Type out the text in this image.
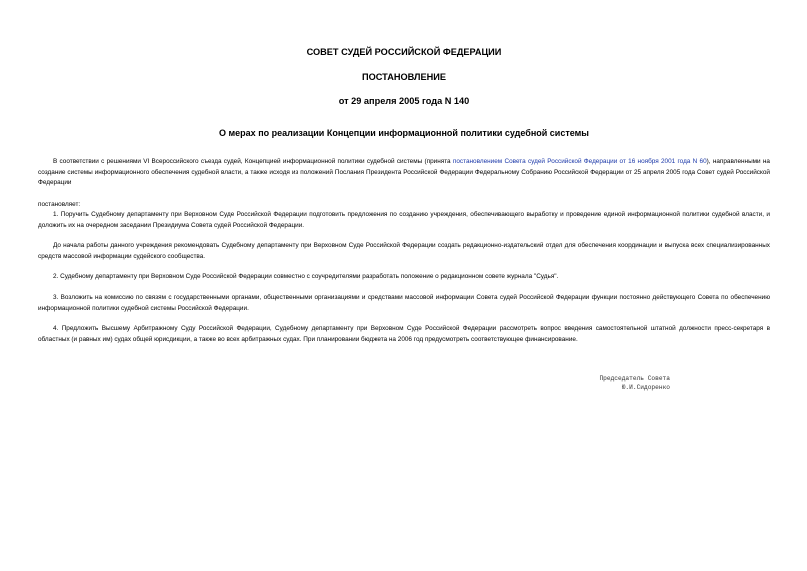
СОВЕТ СУДЕЙ РОССИЙСКОЙ ФЕДЕРАЦИИ
ПОСТАНОВЛЕНИЕ
от 29 апреля 2005 года N 140
О мерах по реализации Концепции информационной политики судебной системы
В соответствии с решениями VI Всероссийского съезда судей, Концепцией информационной политики судебной системы (принята постановлением Совета судей Российской Федерации от 16 ноября 2001 года N 60), направленными на создание системы информационного обеспечения судебной власти, а также исходя из положений Послания Президента Российской Федерации Федеральному Собранию Российской Федерации от 25 апреля 2005 года Совет судей Российской Федерации
постановляет:
1. Поручить Судебному департаменту при Верховном Суде Российской Федерации подготовить предложения по созданию учреждения, обеспечивающего выработку и проведение единой информационной политики судебной власти, и доложить их на очередном заседании Президиума Совета судей Российской Федерации.
До начала работы данного учреждения рекомендовать Судебному департаменту при Верховном Суде Российской Федерации создать редакционно-издательский отдел для обеспечения координации и выпуска всех специализированных средств массовой информации судейского сообщества.
2. Судебному департаменту при Верховном Суде Российской Федерации совместно с соучредителями разработать положение о редакционном совете журнала "Судья".
3. Возложить на комиссию по связям с государственными органами, общественными организациями и средствами массовой информации Совета судей Российской Федерации функции постоянно действующего Совета по обеспечению информационной политики судебной системы Российской Федерации.
4. Предложить Высшему Арбитражному Суду Российской Федерации, Судебному департаменту при Верховном Суде Российской Федерации рассмотреть вопрос введения самостоятельной штатной должности пресс-секретаря в областных (и равных им) судах общей юрисдикции, а также во всех арбитражных судах. При планировании бюджета на 2006 год предусмотреть соответствующее финансирование.
Председатель Совета
Ю.И.Сидоренко
